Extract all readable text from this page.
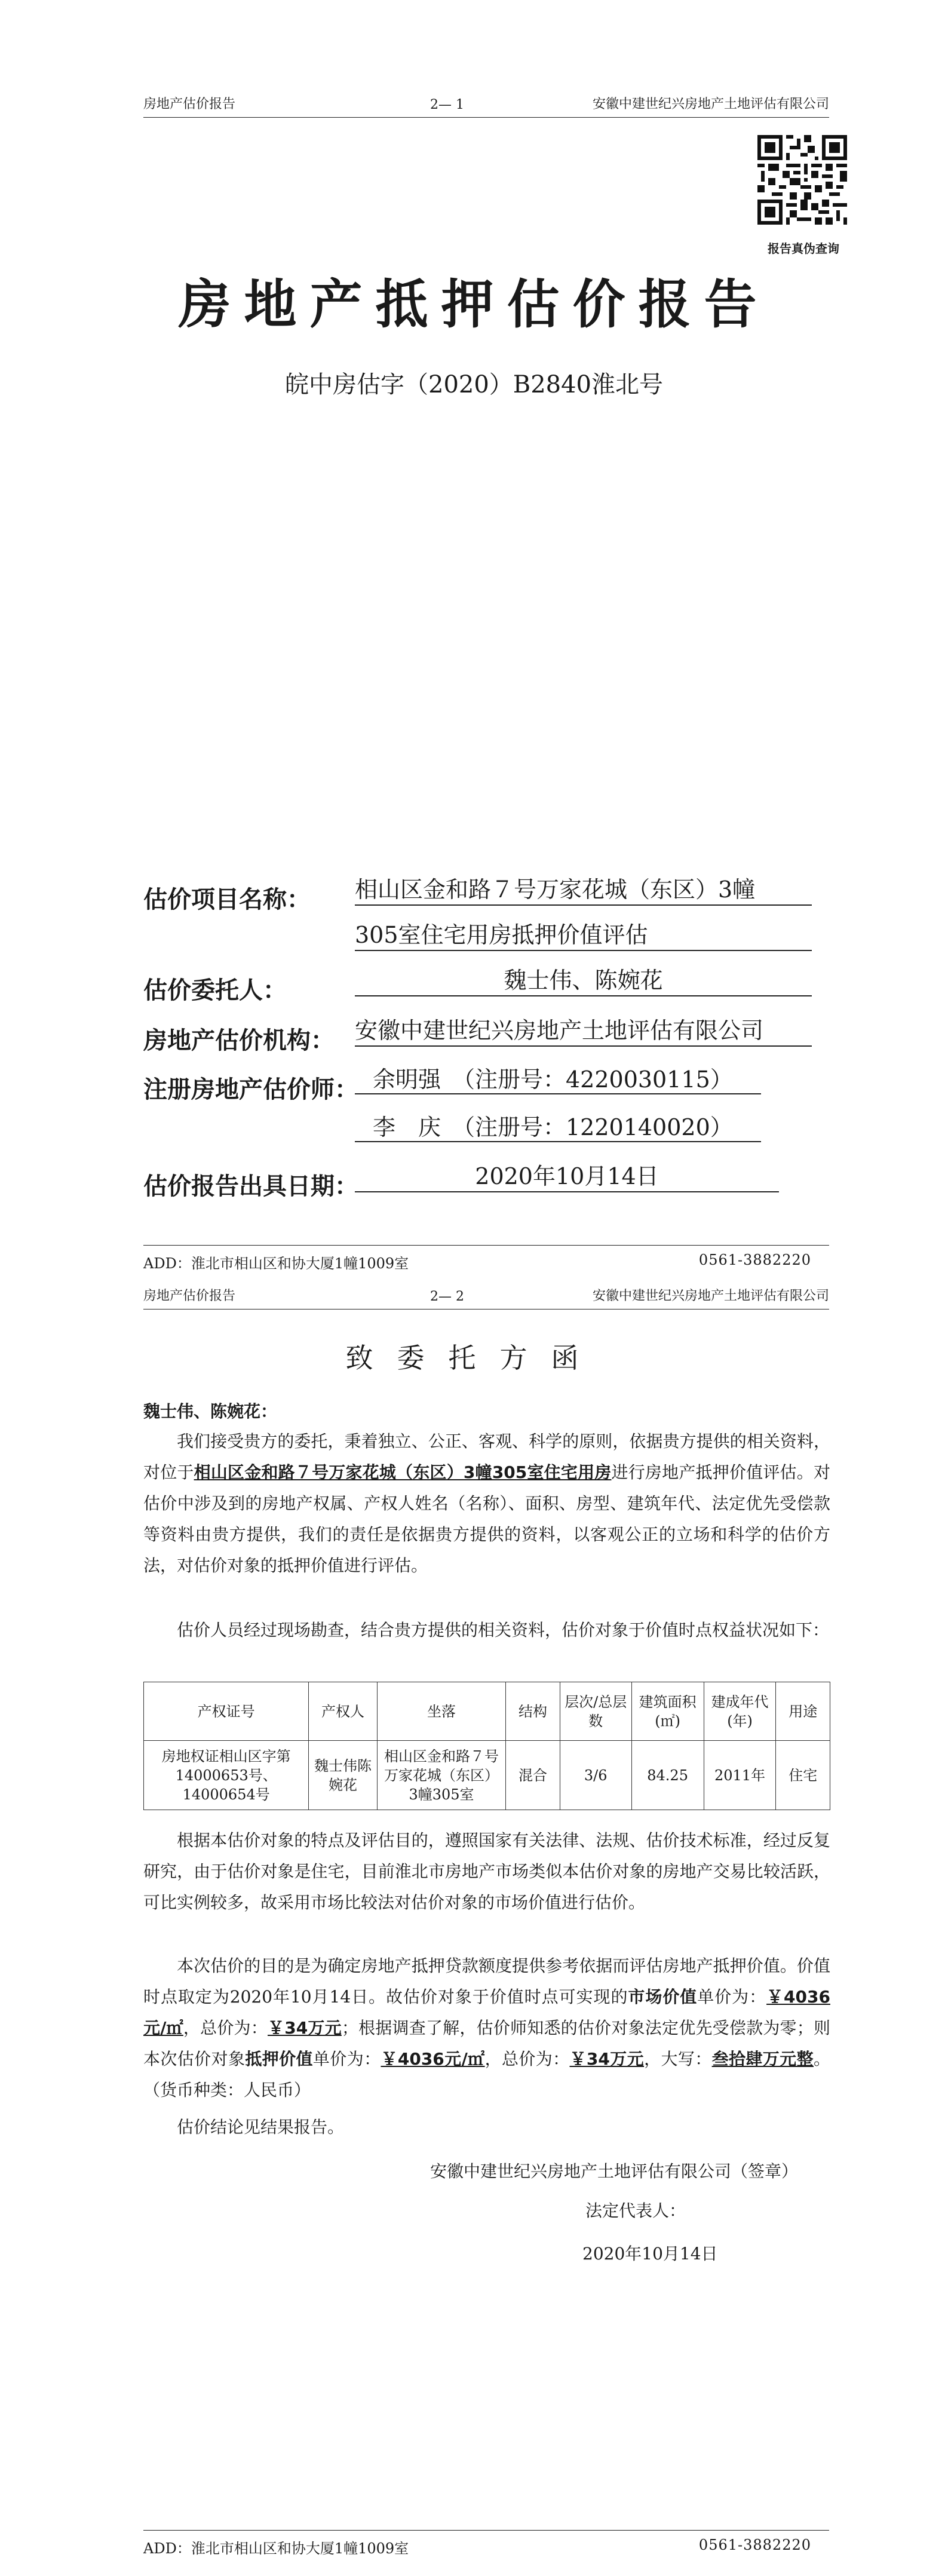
房地产估价报告	2— 1	安徽中建世纪兴房地产土地评估有限公司
报告真伪查询
房地产抵押估价报告
皖中房估字（2020）B2840淮北号
估价项目名称： 相山区金和路７号万家花城（东区）3幢
305室住宅用房抵押价值评估
估价委托人：	魏士伟、陈婉花
房地产估价机构： 安徽中建世纪兴房地产土地评估有限公司
注册房地产估价师： 余明强　（注册号：4220030115）
李　庆　（注册号：1220140020）
估价报告出具日期：	2020年10月14日
ADD：淮北市相山区和协大厦1幢1009室	0561-3882220
房地产估价报告	2— 2	安徽中建世纪兴房地产土地评估有限公司
致委托方函
魏士伟、陈婉花：
我们接受贵方的委托，秉着独立、公正、客观、科学的原则，依据贵方提供的相关资料，对位于相山区金和路７号万家花城（东区）3幢305室住宅用房进行房地产抵押价值评估。对估价中涉及到的房地产权属、产权人姓名（名称）、面积、房型、建筑年代、法定优先受偿款等资料由贵方提供，我们的责任是依据贵方提供的资料，以客观公正的立场和科学的估价方法，对估价对象的抵押价值进行评估。
估价人员经过现场勘查，结合贵方提供的相关资料，估价对象于价值时点权益状况如下：
产权证号	产权人	坐落	结构	层次/总层数	建筑面积(㎡)	建成年代(年)	用途
房地权证相山区字第14000653号、14000654号	魏士伟陈婉花	相山区金和路７号万家花城（东区）3幢305室	混合	3/6	84.25	2011年	住宅
根据本估价对象的特点及评估目的，遵照国家有关法律、法规、估价技术标准，经过反复研究，由于估价对象是住宅，目前淮北市房地产市场类似本估价对象的房地产交易比较活跃，可比实例较多，故采用市场比较法对估价对象的市场价值进行估价。
本次估价的目的是为确定房地产抵押贷款额度提供参考依据而评估房地产抵押价值。价值时点取定为2020年10月14日。故估价对象于价值时点可实现的市场价值单价为：￥4036元/㎡，总价为：￥34万元；根据调查了解，估价师知悉的估价对象法定优先受偿款为零；则本次估价对象抵押价值单价为：￥4036元/㎡，总价为：￥34万元，大写：叁拾肆万元整。（货币种类：人民币）
估价结论见结果报告。
安徽中建世纪兴房地产土地评估有限公司（签章）
法定代表人：
2020年10月14日
ADD：淮北市相山区和协大厦1幢1009室	0561-3882220
